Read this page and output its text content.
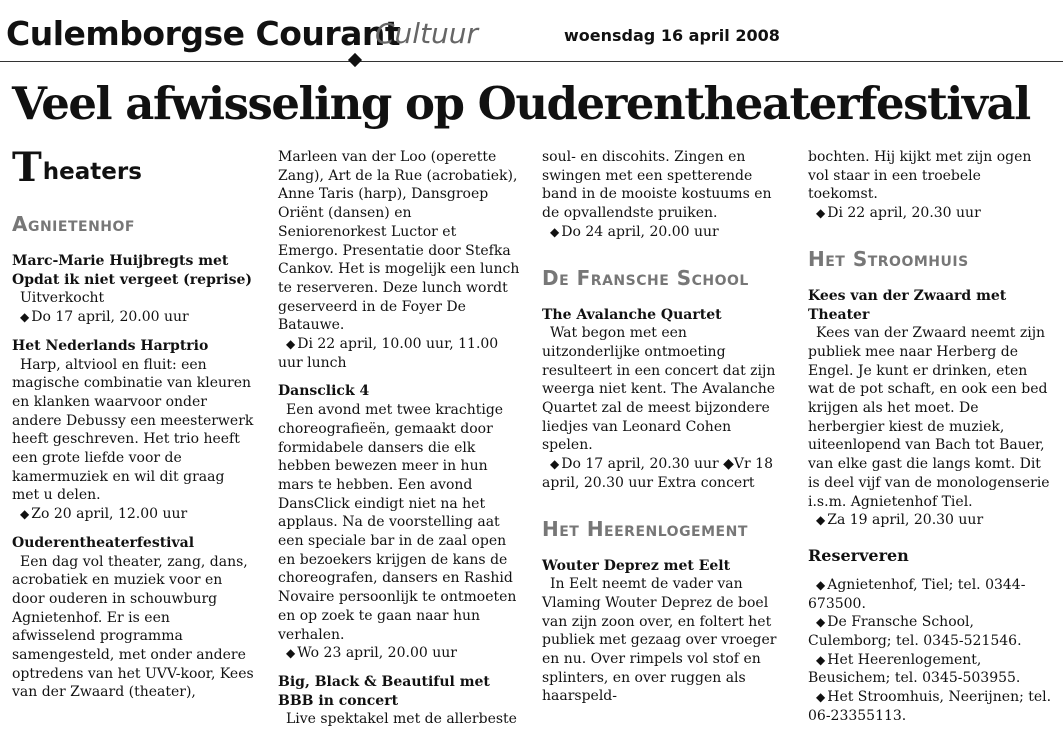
Culemborgse Courant
Cultuur	woensdag 16 april 2008
Veel afwisseling op Ouderentheaterfestival
T heaters
Agnietenhof
Marc-Marie Huijbregts met Opdat ik niet vergeet (reprise)

Uitverkocht

◆ Do 17 april, 20.00 uur

Het Nederlands Harptrio

Harp, altviool en fluit: een magische combinatie van kleuren en klanken waarvoor onder andere Debussy een meesterwerk heeft geschreven. Het trio heeft een grote liefde voor de kamermuziek en wil dit graag met u delen.

◆ Zo 20 april, 12.00 uur

Ouderentheaterfestival

Een dag vol theater, zang, dans, acrobatiek en muziek voor en door ouderen in schouwburg Agnietenhof. Er is een afwisselend programma samengesteld, met onder andere optredens van het UVV-koor, Kees van der Zwaard (theater),

Marleen van der Loo (operette Zang), Art de la Rue (acrobatiek), Anne Taris (harp), Dansgroep Oriënt (dansen) en Seniorenorkest Luctor et Emergo. Presentatie door Stefka Cankov. Het is mogelijk een lunch te reserveren. Deze lunch wordt geserveerd in de Foyer De Batauwe.

◆ Di 22 april, 10.00 uur, 11.00 uur lunch

Dansclick 4

Een avond met twee krachtige choreografieën, gemaakt door formidabele dansers die elk hebben bewezen meer in hun mars te hebben. Een avond DansClick eindigt niet na het applaus. Na de voorstelling aat een speciale bar in de zaal open en bezoekers krijgen de kans de choreografen, dansers en Rashid Novaire persoonlijk te ontmoeten en op zoek te gaan naar hun verhalen.

◆ Wo 23 april, 20.00 uur

Big, Black & Beautiful met BBB in concert

Live spektakel met de allerbeste

soul- en discohits. Zingen en swingen met een spetterende band in de mooiste kostuums en de opvallendste pruiken.

◆ Do 24 april, 20.00 uur

De Fransche School
The Avalanche Quartet

Wat begon met een uitzonderlijke ontmoeting resulteert in een concert dat zijn weerga niet kent. The Avalanche Quartet zal de meest bijzondere liedjes van Leonard Cohen spelen.

◆ Do 17 april, 20.30 uur ◆Vr 18 april, 20.30 uur Extra concert

Het Heerenlogement
Wouter Deprez met Eelt

In Eelt neemt de vader van Vlaming Wouter Deprez de boel van zijn zoon over, en foltert het publiek met gezaag over vroeger en nu. Over rimpels vol stof en splinters, en over ruggen als haarspeld-

bochten. Hij kijkt met zijn ogen vol staar in een troebele toekomst.

◆ Di 22 april, 20.30 uur

Het Stroomhuis
Kees van der Zwaard met Theater

Kees van der Zwaard neemt zijn publiek mee naar Herberg de Engel. Je kunt er drinken, eten wat de pot schaft, en ook een bed krijgen als het moet. De herbergier kiest de muziek, uiteenlopend van Bach tot Bauer, van elke gast die langs komt. Dit is deel vijf van de monologenserie i.s.m. Agnietenhof Tiel.

◆ Za 19 april, 20.30 uur

Reserveren

◆ Agnietenhof, Tiel; tel. 0344-673500.

◆ De Fransche School, Culemborg; tel. 0345-521546.

◆ Het Heerenlogement, Beusichem; tel. 0345-503955.

◆ Het Stroomhuis, Neerijnen; tel. 06-23355113.
